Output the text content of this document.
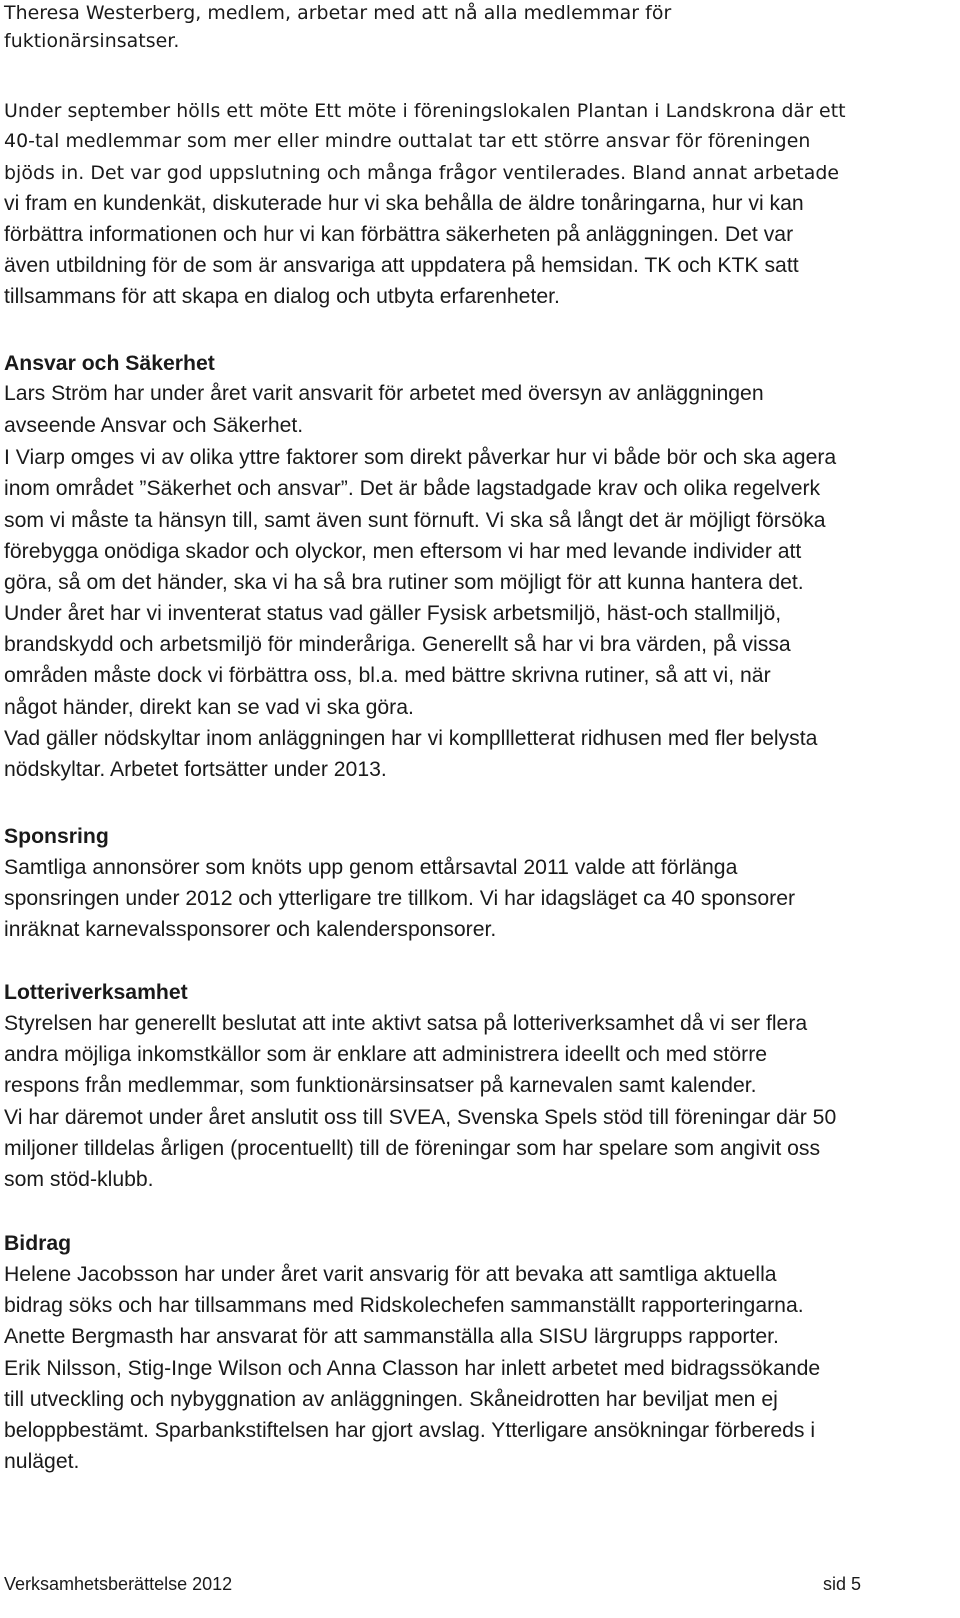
Theresa Westerberg, medlem, arbetar med att nå alla medlemmar för
fuktionärsinsatser.
Under september hölls ett möte Ett möte i föreningslokalen Plantan i Landskrona där ett
40-tal medlemmar som mer eller mindre outtalat tar ett större ansvar för föreningen
bjöds in. Det var god uppslutning och många frågor ventilerades. Bland annat arbetade
vi fram en kundenkät, diskuterade hur vi ska behålla de äldre tonåringarna, hur vi kan
förbättra informationen och hur vi kan förbättra säkerheten på anläggningen. Det var
även utbildning för de som är ansvariga att uppdatera på hemsidan. TK och KTK satt
tillsammans för att skapa en dialog och utbyta erfarenheter.
Ansvar och Säkerhet
Lars Ström har under året varit ansvarit för arbetet med översyn av anläggningen
avseende Ansvar och Säkerhet.
I Viarp omges vi av olika yttre faktorer som direkt påverkar hur vi både bör och ska agera
inom området ”Säkerhet och ansvar”. Det är både lagstadgade krav och olika regelverk
som vi måste ta hänsyn till, samt även sunt förnuft. Vi ska så långt det är möjligt försöka
förebygga onödiga skador och olyckor, men eftersom vi har med levande individer att
göra, så om det händer, ska vi ha så bra rutiner som möjligt för att kunna hantera det.
Under året har vi inventerat status vad gäller Fysisk arbetsmiljö, häst-och stallmiljö,
brandskydd och arbetsmiljö för minderåriga. Generellt så har vi bra värden, på vissa
områden måste dock vi förbättra oss, bl.a. med bättre skrivna rutiner, så att vi, när
något händer, direkt kan se vad vi ska göra.
Vad gäller nödskyltar inom anläggningen har vi kompllletterat ridhusen med fler belysta
nödskyltar. Arbetet fortsätter under 2013.
Sponsring
Samtliga annonsörer som knöts upp genom ettårsavtal 2011 valde att förlänga
sponsringen under 2012 och ytterligare tre tillkom. Vi har idagsläget ca 40 sponsorer
inräknat karnevalssponsorer och kalendersponsorer.
Lotteriverksamhet
Styrelsen har generellt beslutat att inte aktivt satsa på lotteriverksamhet då vi ser flera
andra möjliga inkomstkällor som är enklare att administrera ideellt och med större
respons från medlemmar, som funktionärsinsatser på karnevalen samt kalender.
Vi har däremot under året anslutit oss till SVEA, Svenska Spels stöd till föreningar där 50
miljoner tilldelas årligen (procentuellt) till de föreningar som har spelare som angivit oss
som stöd-klubb.
Bidrag
Helene Jacobsson har under året varit ansvarig för att bevaka att samtliga aktuella
bidrag söks och har tillsammans med Ridskolechefen sammanställt rapporteringarna.
Anette Bergmasth har ansvarat för att sammanställa alla SISU lärgrupps rapporter.
Erik Nilsson, Stig-Inge Wilson och Anna Classon har inlett arbetet med bidragssökande
till utveckling och nybyggnation av anläggningen. Skåneidrotten har beviljat men ej
beloppbestämt. Sparbankstiftelsen har gjort avslag. Ytterligare ansökningar förbereds i
nuläget.
Verksamhetsberättelse 2012	sid 5
